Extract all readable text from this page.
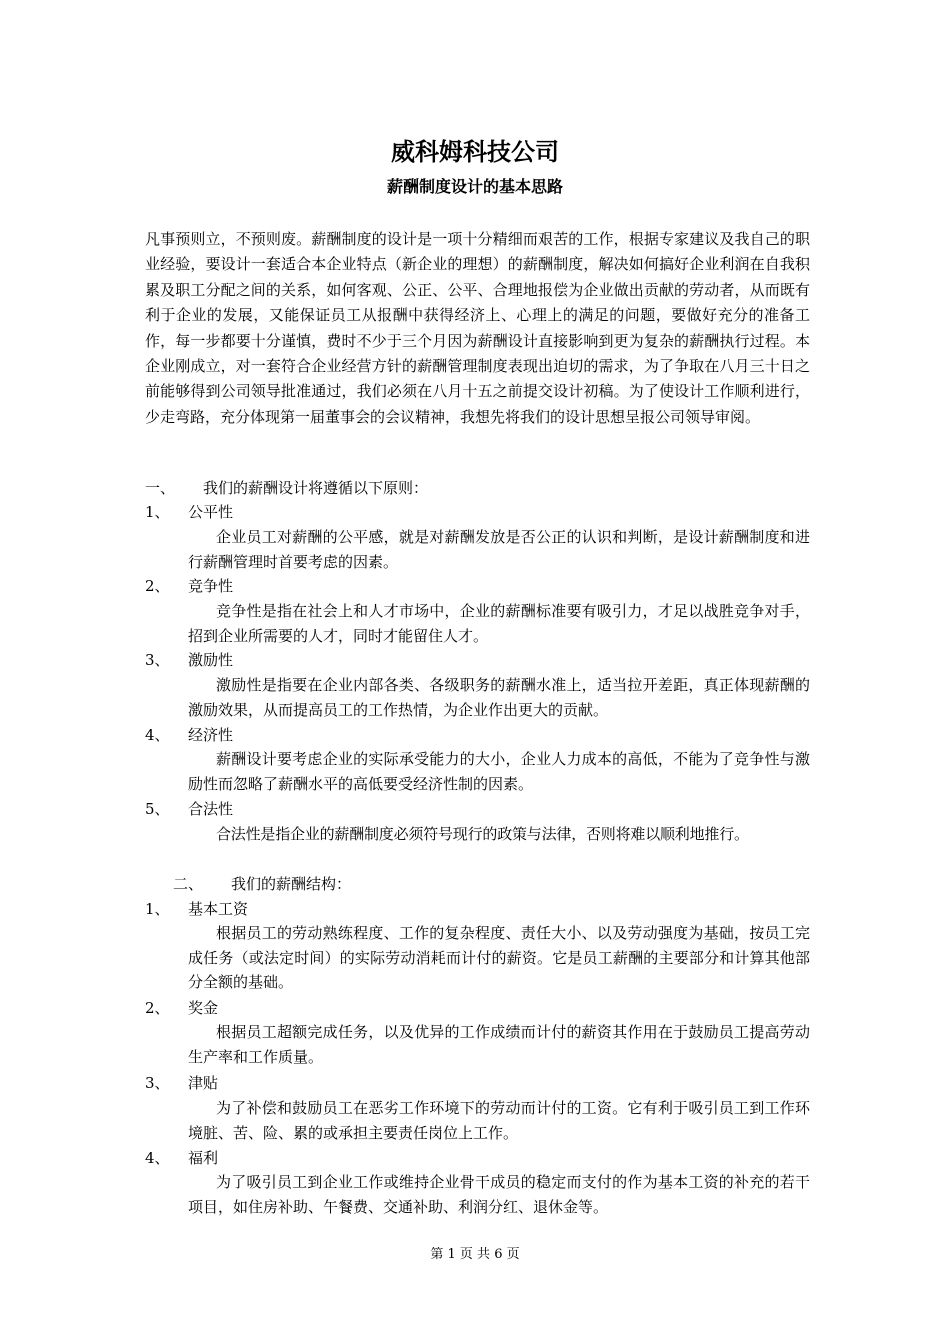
威科姆科技公司
薪酬制度设计的基本思路
凡事预则立，不预则废。薪酬制度的设计是一项十分精细而艰苦的工作，根据专家建议及我自己的职业经验，要设计一套适合本企业特点（新企业的理想）的薪酬制度，解决如何搞好企业利润在自我积累及职工分配之间的关系，如何客观、公正、公平、合理地报偿为企业做出贡献的劳动者，从而既有利于企业的发展，又能保证员工从报酬中获得经济上、心理上的满足的问题，要做好充分的准备工作，每一步都要十分谨慎，费时不少于三个月因为薪酬设计直接影响到更为复杂的薪酬执行过程。本企业刚成立，对一套符合企业经营方针的薪酬管理制度表现出迫切的需求，为了争取在八月三十日之前能够得到公司领导批准通过，我们必须在八月十五之前提交设计初稿。为了使设计工作顺利进行，少走弯路，充分体现第一届董事会的会议精神，我想先将我们的设计思想呈报公司领导审阅。
一、 我们的薪酬设计将遵循以下原则：
1、 公平性
企业员工对薪酬的公平感，就是对薪酬发放是否公正的认识和判断，是设计薪酬制度和进行薪酬管理时首要考虑的因素。
2、 竞争性
竞争性是指在社会上和人才市场中，企业的薪酬标准要有吸引力，才足以战胜竞争对手，招到企业所需要的人才，同时才能留住人才。
3、 激励性
激励性是指要在企业内部各类、各级职务的薪酬水准上，适当拉开差距，真正体现薪酬的激励效果，从而提高员工的工作热情，为企业作出更大的贡献。
4、 经济性
薪酬设计要考虑企业的实际承受能力的大小，企业人力成本的高低，不能为了竞争性与激励性而忽略了薪酬水平的高低要受经济性制的因素。
5、 合法性
合法性是指企业的薪酬制度必须符号现行的政策与法律，否则将难以顺利地推行。
二、 我们的薪酬结构：
1、 基本工资
根据员工的劳动熟练程度、工作的复杂程度、责任大小、以及劳动强度为基础，按员工完成任务（或法定时间）的实际劳动消耗而计付的薪资。它是员工薪酬的主要部分和计算其他部分全额的基础。
2、 奖金
根据员工超额完成任务，以及优异的工作成绩而计付的薪资其作用在于鼓励员工提高劳动生产率和工作质量。
3、 津贴
为了补偿和鼓励员工在恶劣工作环境下的劳动而计付的工资。它有利于吸引员工到工作环境脏、苦、险、累的或承担主要责任岗位上工作。
4、 福利
为了吸引员工到企业工作或维持企业骨干成员的稳定而支付的作为基本工资的补充的若干项目，如住房补助、午餐费、交通补助、利润分红、退休金等。
第 1 页 共 6 页
